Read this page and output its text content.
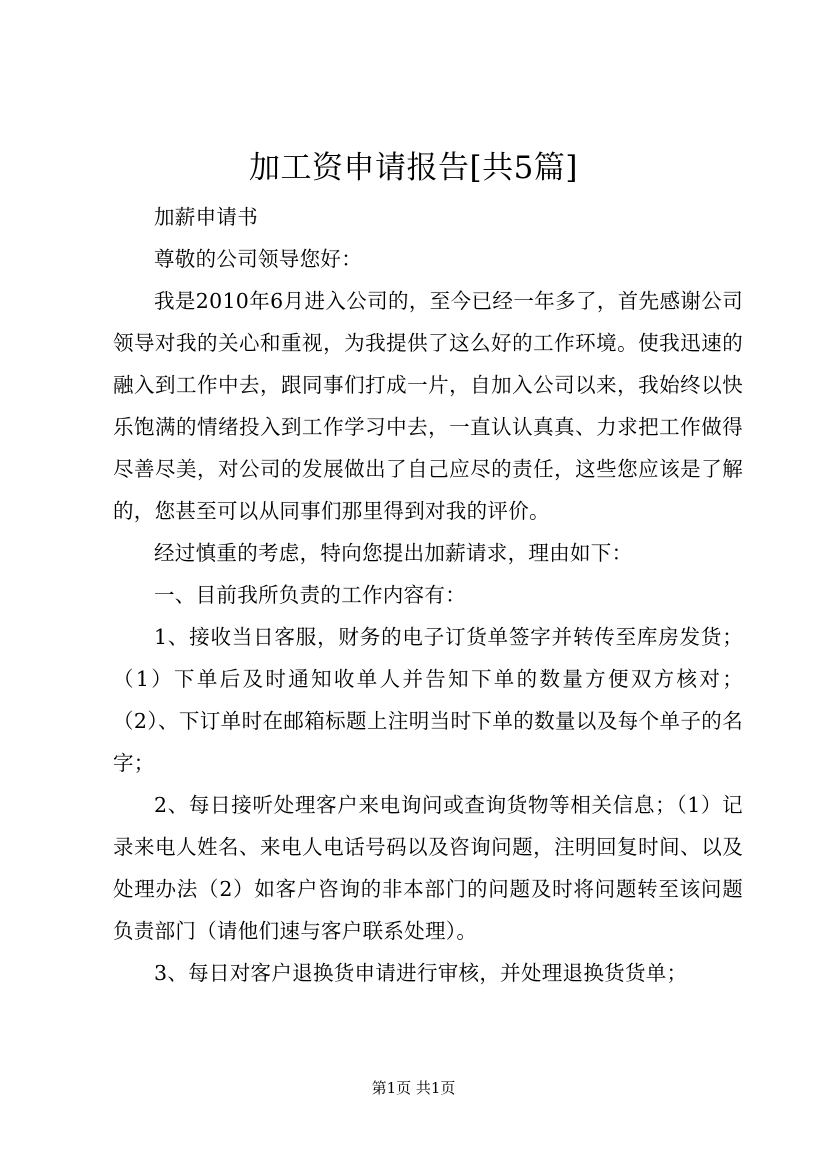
加工资申请报告[共5篇]

加薪申请书

尊敬的公司领导您好：

我是2010年6月进入公司的，至今已经一年多了，首先感谢公司领导对我的关心和重视，为我提供了这么好的工作环境。使我迅速的融入到工作中去，跟同事们打成一片，自加入公司以来，我始终以快乐饱满的情绪投入到工作学习中去，一直认认真真、力求把工作做得尽善尽美，对公司的发展做出了自己应尽的责任，这些您应该是了解的，您甚至可以从同事们那里得到对我的评价。

经过慎重的考虑，特向您提出加薪请求，理由如下：

一、目前我所负责的工作内容有：

1、接收当日客服，财务的电子订货单签字并转传至库房发货；（1）下单后及时通知收单人并告知下单的数量方便双方核对；（2）、下订单时在邮箱标题上注明当时下单的数量以及每个单子的名字；

2、每日接听处理客户来电询问或查询货物等相关信息；（1）记录来电人姓名、来电人电话号码以及咨询问题，注明回复时间、以及处理办法（2）如客户咨询的非本部门的问题及时将问题转至该问题负责部门（请他们速与客户联系处理）。

3、每日对客户退换货申请进行审核，并处理退换货货单；

第1页 共1页
